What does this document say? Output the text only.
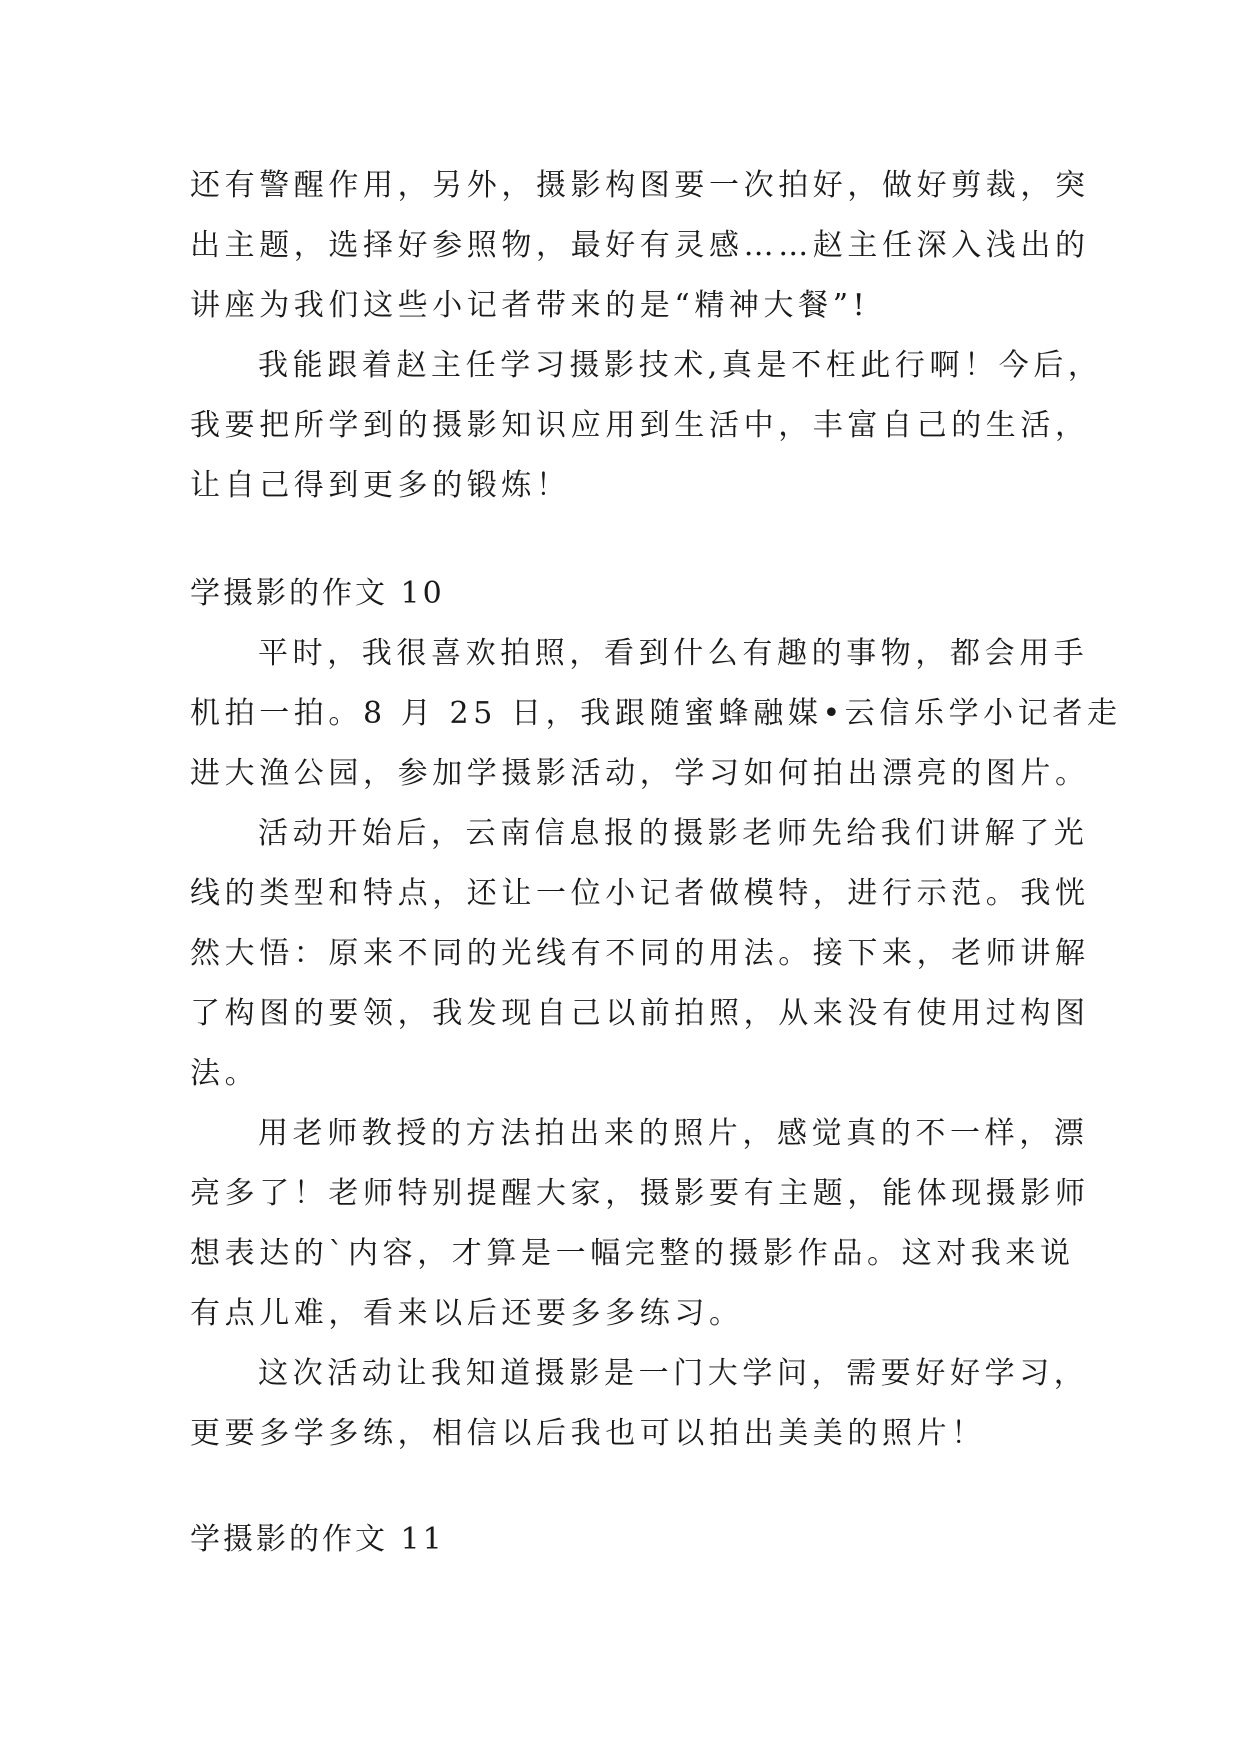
还有警醒作用，另外，摄影构图要一次拍好，做好剪裁，突
出主题，选择好参照物，最好有灵感……赵主任深入浅出的
讲座为我们这些小记者带来的是“精神大餐”!
我能跟着赵主任学习摄影技术,真是不枉此行啊！今后，
我要把所学到的摄影知识应用到生活中，丰富自己的生活，
让自己得到更多的锻炼！
学摄影的作文 10
平时，我很喜欢拍照，看到什么有趣的事物，都会用手
机拍一拍。8 月 25 日，我跟随蜜蜂融媒•云信乐学小记者走
进大渔公园，参加学摄影活动，学习如何拍出漂亮的图片。
活动开始后，云南信息报的摄影老师先给我们讲解了光
线的类型和特点，还让一位小记者做模特，进行示范。我恍
然大悟：原来不同的光线有不同的用法。接下来，老师讲解
了构图的要领，我发现自己以前拍照，从来没有使用过构图
法。
用老师教授的方法拍出来的照片，感觉真的不一样，漂
亮多了！老师特别提醒大家，摄影要有主题，能体现摄影师
想表达的`内容，才算是一幅完整的摄影作品。这对我来说
有点儿难，看来以后还要多多练习。
这次活动让我知道摄影是一门大学问，需要好好学习，
更要多学多练，相信以后我也可以拍出美美的照片！
学摄影的作文 11
